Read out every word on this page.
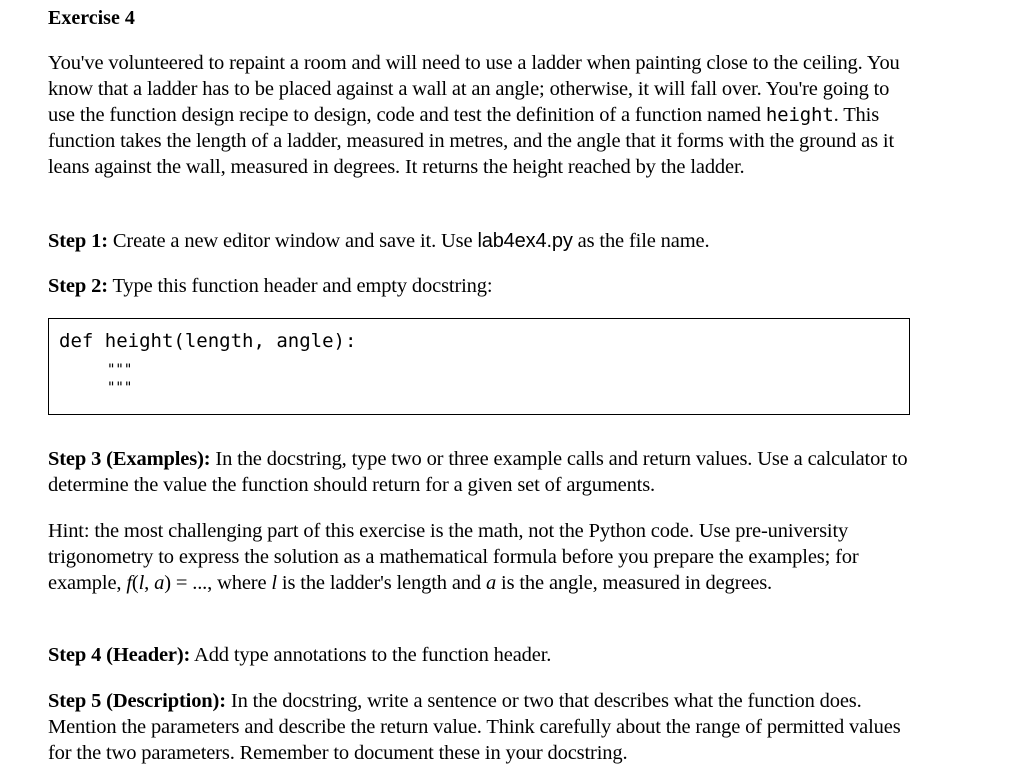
Exercise 4

You've volunteered to repaint a room and will need to use a ladder when painting close to the ceiling. You know that a ladder has to be placed against a wall at an angle; otherwise, it will fall over. You're going to use the function design recipe to design, code and test the definition of a function named height. This function takes the length of a ladder, measured in metres, and the angle that it forms with the ground as it leans against the wall, measured in degrees. It returns the height reached by the ladder.

Step 1: Create a new editor window and save it. Use lab4ex4.py as the file name.

Step 2: Type this function header and empty docstring:

def height(length, angle):
"""
"""

Step 3 (Examples): In the docstring, type two or three example calls and return values. Use a calculator to determine the value the function should return for a given set of arguments.

Hint: the most challenging part of this exercise is the math, not the Python code. Use pre-university trigonometry to express the solution as a mathematical formula before you prepare the examples; for example, f(l, a) = ..., where l is the ladder's length and a is the angle, measured in degrees.

Step 4 (Header): Add type annotations to the function header.

Step 5 (Description): In the docstring, write a sentence or two that describes what the function does. Mention the parameters and describe the return value. Think carefully about the range of permitted values for the two parameters. Remember to document these in your docstring.
